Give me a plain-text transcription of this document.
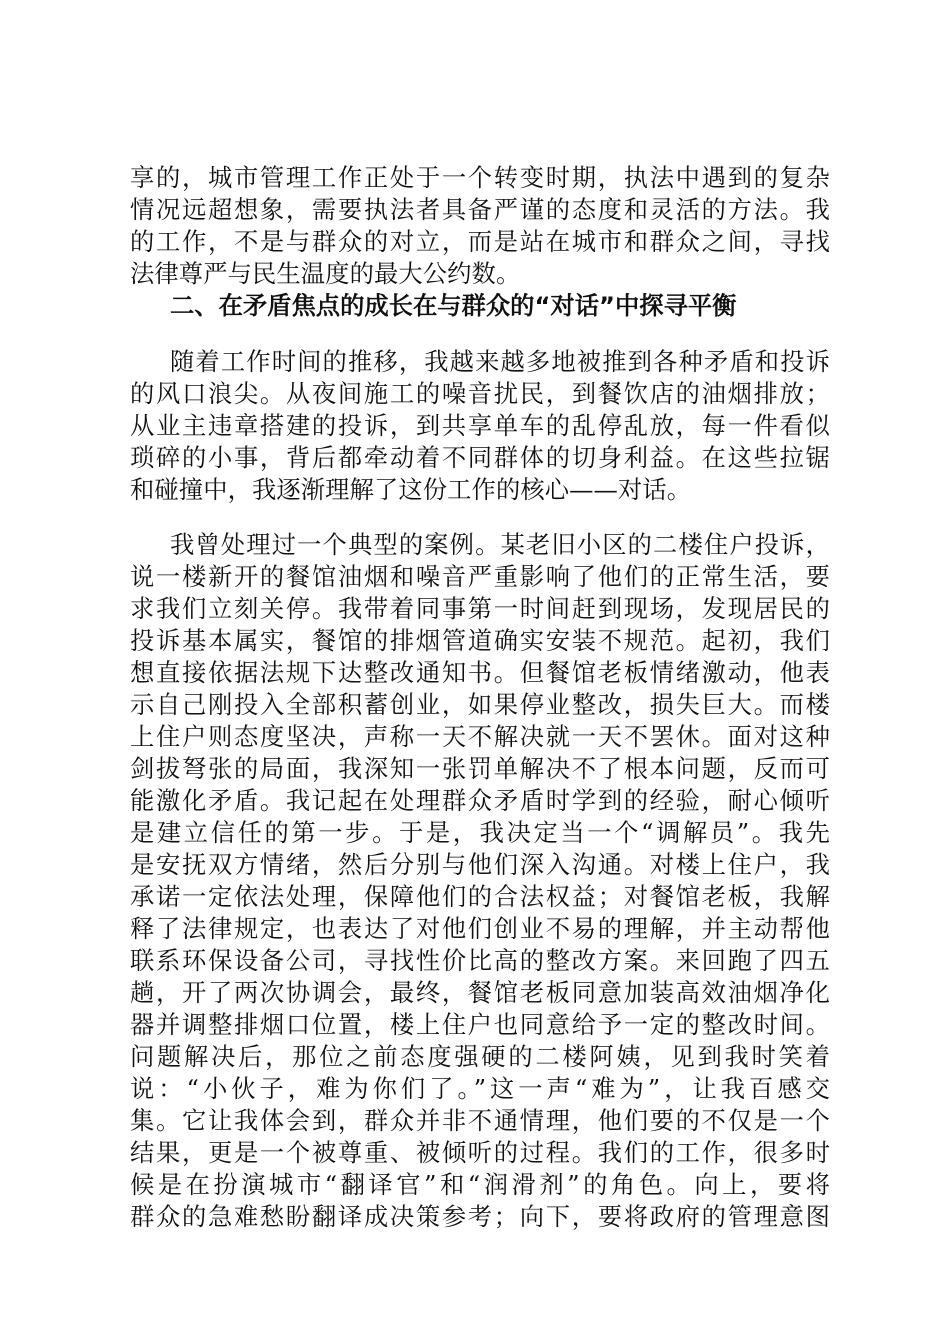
享的，城市管理工作正处于一个转变时期，执法中遇到的复杂
情况远超想象，需要执法者具备严谨的态度和灵活的方法。我
的工作，不是与群众的对立，而是站在城市和群众之间，寻找
法律尊严与民生温度的最大公约数。
二、在矛盾焦点的成长在与群众的“对话”中探寻平衡
随着工作时间的推移，我越来越多地被推到各种矛盾和投诉
的风口浪尖。从夜间施工的噪音扰民，到餐饮店的油烟排放；
从业主违章搭建的投诉，到共享单车的乱停乱放，每一件看似
琐碎的小事，背后都牵动着不同群体的切身利益。在这些拉锯
和碰撞中，我逐渐理解了这份工作的核心——对话。
我曾处理过一个典型的案例。某老旧小区的二楼住户投诉，
说一楼新开的餐馆油烟和噪音严重影响了他们的正常生活，要
求我们立刻关停。我带着同事第一时间赶到现场，发现居民的
投诉基本属实，餐馆的排烟管道确实安装不规范。起初，我们
想直接依据法规下达整改通知书。但餐馆老板情绪激动，他表
示自己刚投入全部积蓄创业，如果停业整改，损失巨大。而楼
上住户则态度坚决，声称一天不解决就一天不罢休。面对这种
剑拔弩张的局面，我深知一张罚单解决不了根本问题，反而可
能激化矛盾。我记起在处理群众矛盾时学到的经验，耐心倾听
是建立信任的第一步。于是，我决定当一个“调解员”。我先
是安抚双方情绪，然后分别与他们深入沟通。对楼上住户，我
承诺一定依法处理，保障他们的合法权益；对餐馆老板，我解
释了法律规定，也表达了对他们创业不易的理解，并主动帮他
联系环保设备公司，寻找性价比高的整改方案。来回跑了四五
趟，开了两次协调会，最终，餐馆老板同意加装高效油烟净化
器并调整排烟口位置，楼上住户也同意给予一定的整改时间。
问题解决后，那位之前态度强硬的二楼阿姨，见到我时笑着
说：“小伙子，难为你们了。”这一声“难为”，让我百感交
集。它让我体会到，群众并非不通情理，他们要的不仅是一个
结果，更是一个被尊重、被倾听的过程。我们的工作，很多时
候是在扮演城市“翻译官”和“润滑剂”的角色。向上，要将
群众的急难愁盼翻译成决策参考；向下，要将政府的管理意图
